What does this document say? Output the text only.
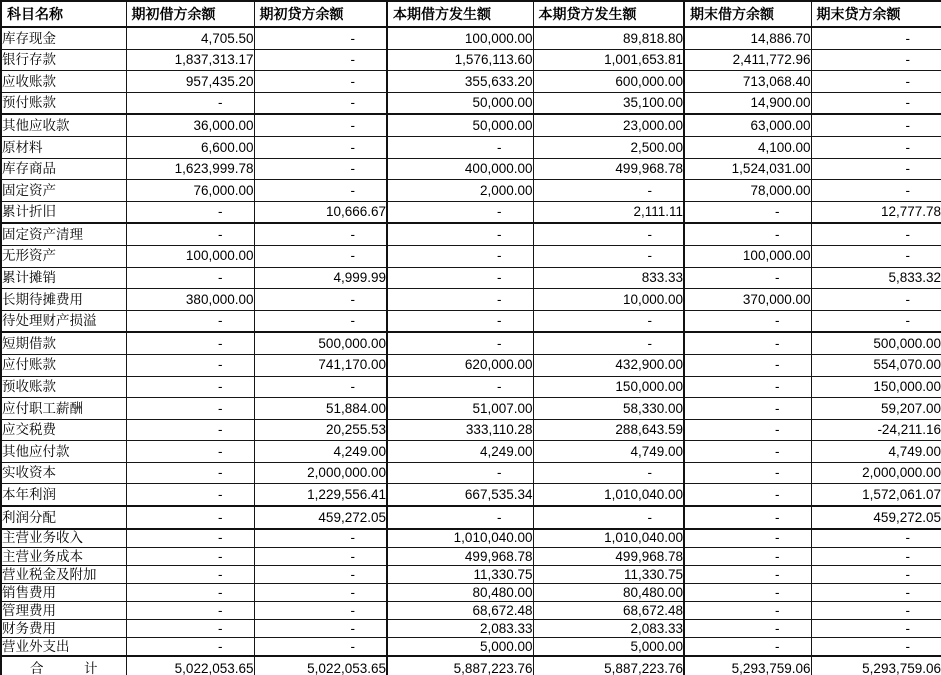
科目名称	期初借方余额	期初贷方余额	本期借方发生额	本期贷方发生额	期末借方余额	期末贷方余额
库存现金	4,705.50	-	100,000.00	89,818.80	14,886.70	-
银行存款	1,837,313.17	-	1,576,113.60	1,001,653.81	2,411,772.96	-
应收账款	957,435.20	-	355,633.20	600,000.00	713,068.40	-
预付账款	-	-	50,000.00	35,100.00	14,900.00	-
其他应收款	36,000.00	-	50,000.00	23,000.00	63,000.00	-
原材料	6,600.00	-	-	2,500.00	4,100.00	-
库存商品	1,623,999.78	-	400,000.00	499,968.78	1,524,031.00	-
固定资产	76,000.00	-	2,000.00	-	78,000.00	-
累计折旧	-	10,666.67	-	2,111.11	-	12,777.78
固定资产清理	-	-	-	-	-	-
无形资产	100,000.00	-	-	-	100,000.00	-
累计摊销	-	4,999.99	-	833.33	-	5,833.32
长期待摊费用	380,000.00	-	-	10,000.00	370,000.00	-
待处理财产损溢	-	-	-	-	-	-
短期借款	-	500,000.00	-	-	-	500,000.00
应付账款	-	741,170.00	620,000.00	432,900.00	-	554,070.00
预收账款	-	-	-	150,000.00	-	150,000.00
应付职工薪酬	-	51,884.00	51,007.00	58,330.00	-	59,207.00
应交税费	-	20,255.53	333,110.28	288,643.59	-	-24,211.16
其他应付款	-	4,249.00	4,249.00	4,749.00	-	4,749.00
实收资本	-	2,000,000.00	-	-	-	2,000,000.00
本年利润	-	1,229,556.41	667,535.34	1,010,040.00	-	1,572,061.07
利润分配	-	459,272.05	-	-	-	459,272.05
主营业务收入	-	-	1,010,040.00	1,010,040.00	-	-
主营业务成本	-	-	499,968.78	499,968.78	-	-
营业税金及附加	-	-	11,330.75	11,330.75	-	-
销售费用	-	-	80,480.00	80,480.00	-	-
管理费用	-	-	68,672.48	68,672.48	-	-
财务费用	-	-	2,083.33	2,083.33	-	-
营业外支出	-	-	5,000.00	5,000.00	-	-
合　　　计	5,022,053.65	5,022,053.65	5,887,223.76	5,887,223.76	5,293,759.06	5,293,759.06
